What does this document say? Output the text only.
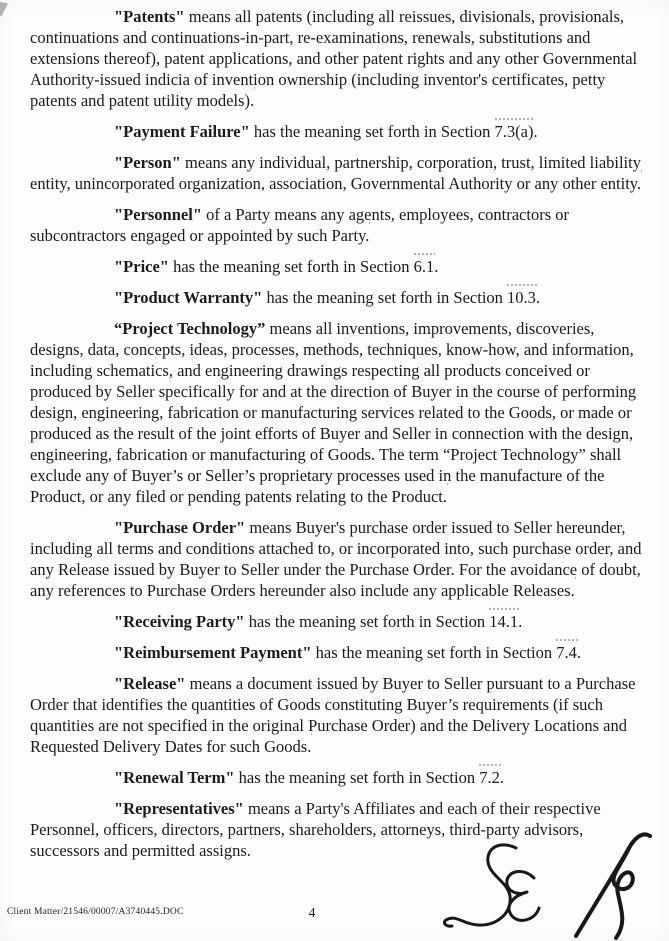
"Patents" means all patents (including all reissues, divisionals, provisionals, continuations and continuations-in-part, re-examinations, renewals, substitutions and extensions thereof), patent applications, and other patent rights and any other Governmental Authority-issued indicia of invention ownership (including inventor's certificates, petty patents and patent utility models).

"Payment Failure" has the meaning set forth in Section 7.3(a).

"Person" means any individual, partnership, corporation, trust, limited liability entity, unincorporated organization, association, Governmental Authority or any other entity.

"Personnel" of a Party means any agents, employees, contractors or subcontractors engaged or appointed by such Party.

"Price" has the meaning set forth in Section 6.1.

"Product Warranty" has the meaning set forth in Section 10.3.

“Project Technology” means all inventions, improvements, discoveries, designs, data, concepts, ideas, processes, methods, techniques, know-how, and information, including schematics, and engineering drawings respecting all products conceived or produced by Seller specifically for and at the direction of Buyer in the course of performing design, engineering, fabrication or manufacturing services related to the Goods, or made or produced as the result of the joint efforts of Buyer and Seller in connection with the design, engineering, fabrication or manufacturing of Goods. The term “Project Technology” shall exclude any of Buyer’s or Seller’s proprietary processes used in the manufacture of the Product, or any filed or pending patents relating to the Product.

"Purchase Order" means Buyer's purchase order issued to Seller hereunder, including all terms and conditions attached to, or incorporated into, such purchase order, and any Release issued by Buyer to Seller under the Purchase Order. For the avoidance of doubt, any references to Purchase Orders hereunder also include any applicable Releases.

"Receiving Party" has the meaning set forth in Section 14.1.

"Reimbursement Payment" has the meaning set forth in Section 7.4.

"Release" means a document issued by Buyer to Seller pursuant to a Purchase Order that identifies the quantities of Goods constituting Buyer’s requirements (if such quantities are not specified in the original Purchase Order) and the Delivery Locations and Requested Delivery Dates for such Goods.

"Renewal Term" has the meaning set forth in Section 7.2.

"Representatives" means a Party's Affiliates and each of their respective Personnel, officers, directors, partners, shareholders, attorneys, third-party advisors, successors and permitted assigns.

Client Matter/21546/00007/A3740445.DOC	4
